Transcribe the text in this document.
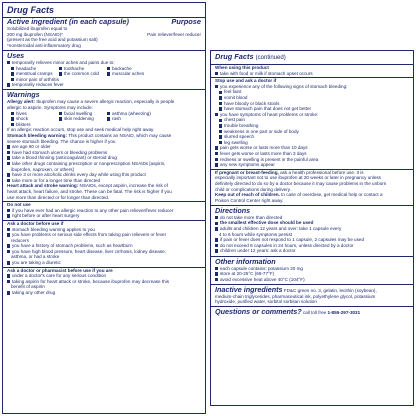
Drug Facts
Active ingredient (in each capsule)	Purpose
Solubilized ibuprofen equal to
200 mg ibuprofen (NSAID)*	Pain reliever/fever reducer
(present as the free acid and potassium salt)
*nonsteroidal anti-inflammatory drug
Uses
temporarily relieves minor aches and pains due to:
headache	toothache	backache
menstrual cramps	the common cold	muscular aches
minor pain of arthritis
temporarily reduces fever
Warnings
Allergy alert: Ibuprofen may cause a severe allergic reaction, especially in people
allergic to aspirin. Symptoms may include:
hives	facial swelling	asthma (wheezing)
shock	skin reddening	rash
blisters
If an allergic reaction occurs, stop use and seek medical help right away.
Stomach bleeding warning: This product contains an NSAID, which may cause
severe stomach bleeding. The chance is higher if you
are age 60 or older
have had stomach ulcers or bleeding problems
take a blood thinning (anticoagulant) or steroid drug
take other drugs containing prescription or nonprescription NSAIDs [aspirin,
ibuprofen, naproxen, or others]
have 3 or more alcoholic drinks every day while using this product
take more or for a longer time than directed
Heart attack and stroke warning: NSAIDs, except aspirin, increase the risk of
heart attack, heart failure, and stroke. These can be fatal. The risk is higher if you
use more than directed or for longer than directed.
Do not use
if you have ever had an allergic reaction to any other pain reliever/fever reducer
right before or after heart surgery
Ask a doctor before use if
stomach bleeding warning applies to you
you have problems or serious side effects from taking pain relievers or fever
reducers
you have a history of stomach problems, such as heartburn
you have high blood pressure, heart disease, liver cirrhosis, kidney disease,
asthma, or had a stroke
you are taking a diuretic
Ask a doctor or pharmacist before use if you are
under a doctor's care for any serious condition
taking aspirin for heart attack or stroke, because ibuprofen may decrease this
benefit of aspirin
taking any other drug
Drug Facts (continued)
When using this product
take with food or milk if stomach upset occurs
Stop use and ask a doctor if
you experience any of the following signs of stomach bleeding:
feel faint
vomit blood
have bloody or black stools
have stomach pain that does not get better
you have symptoms of heart problems or stroke:
chest pain
trouble breathing
weakness in one part or side of body
slurred speech
leg swelling
pain gets worse or lasts more than 10 days
fever gets worse or lasts more than 3 days
redness or swelling is present in the painful area
any new symptoms appear
If pregnant or breast-feeding, ask a health professional before use. It is
especially important not to use ibuprofen at 20 weeks or later in pregnancy unless
definitely directed to do so by a doctor because it may cause problems in the unborn
child or complications during delivery.
Keep out of reach of children. In case of overdose, get medical help or contact a
Poison Control Center right away.
Directions
do not take more than directed
the smallest effective dose should be used
adults and children 12 years and over: take 1 capsule every
4 to 6 hours while symptoms persist
if pain or fever does not respond to 1 capsule, 2 capsules may be used
do not exceed 6 capsules in 24 hours, unless directed by a doctor
children under 12 years: ask a doctor
Other information
each capsule contains: potassium 20 mg
store at 20-25°C (68-77°F)
avoid excessive heat above 40°C (104°F)
Inactive ingredients FD&C green no. 3, gelatin, lecithin (soybean),
medium-chain triglycerides, pharmaceutical ink, polyethylene glycol, potassium
hydroxide, purified water, sorbitol sorbitan solution
Questions or comments? call toll free 1-855-297-3031
